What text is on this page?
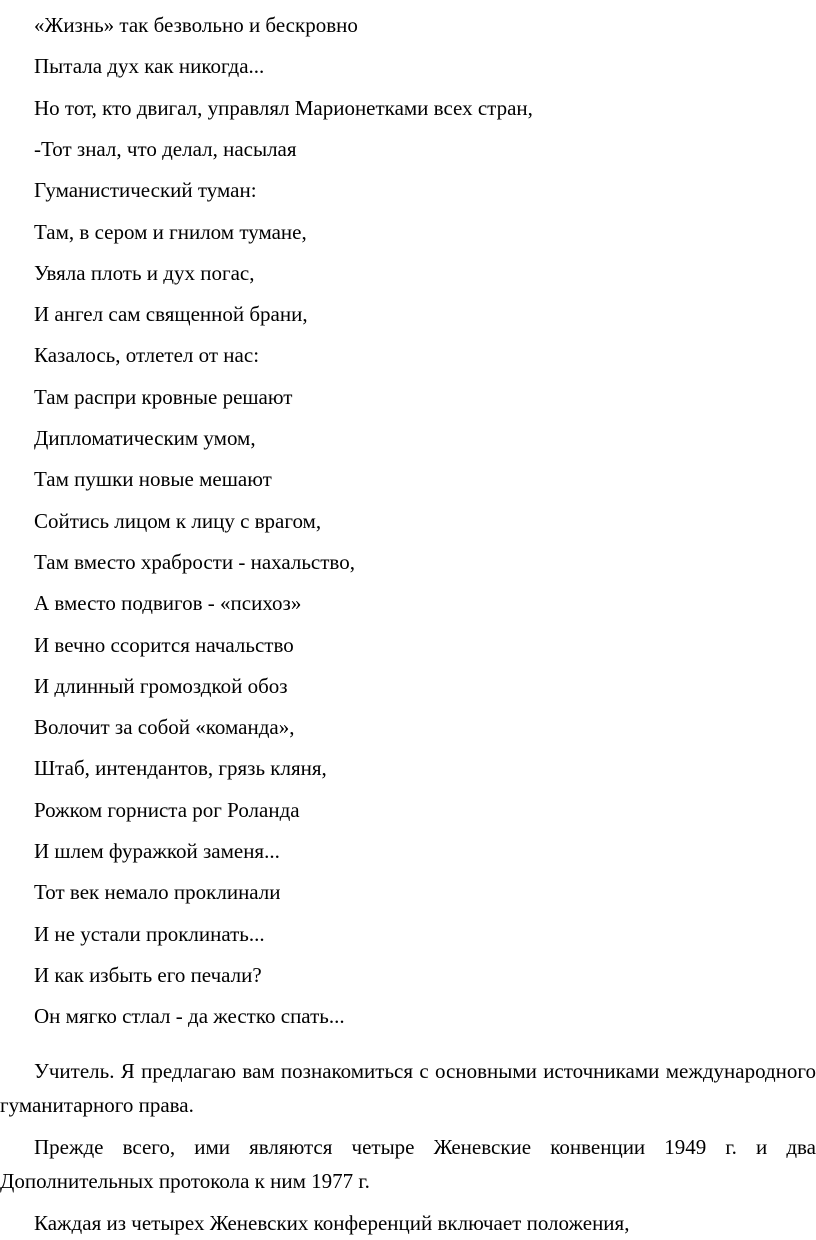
«Жизнь» так безвольно и бескровно
Пытала дух как никогда...
Но тот, кто двигал, управлял Марионетками всех стран,
-Тот знал, что делал, насылая
Гуманистический туман:
Там, в сером и гнилом тумане,
Увяла плоть и дух погас,
И ангел сам священной брани,
Казалось, отлетел от нас:
Там распри кровные решают
Дипломатическим умом,
Там пушки новые мешают
Сойтись лицом к лицу с врагом,
Там вместо храбрости - нахальство,
А вместо подвигов - «психоз»
И вечно ссорится начальство
И длинный громоздкой обоз
Волочит за собой «команда»,
Штаб, интендантов, грязь кляня,
Рожком горниста рог Роланда
И шлем фуражкой заменя...
Тот век немало проклинали
И не устали проклинать...
И как избыть его печали?
Он мягко стлал - да жестко спать...
Учитель. Я предлагаю вам познакомиться с основными источниками международного гуманитарного права.
Прежде всего, ими являются четыре Женевские конвенции 1949 г. и два Дополнительных протокола к ним 1977 г.
Каждая из четырех Женевских конференций включает положения,
